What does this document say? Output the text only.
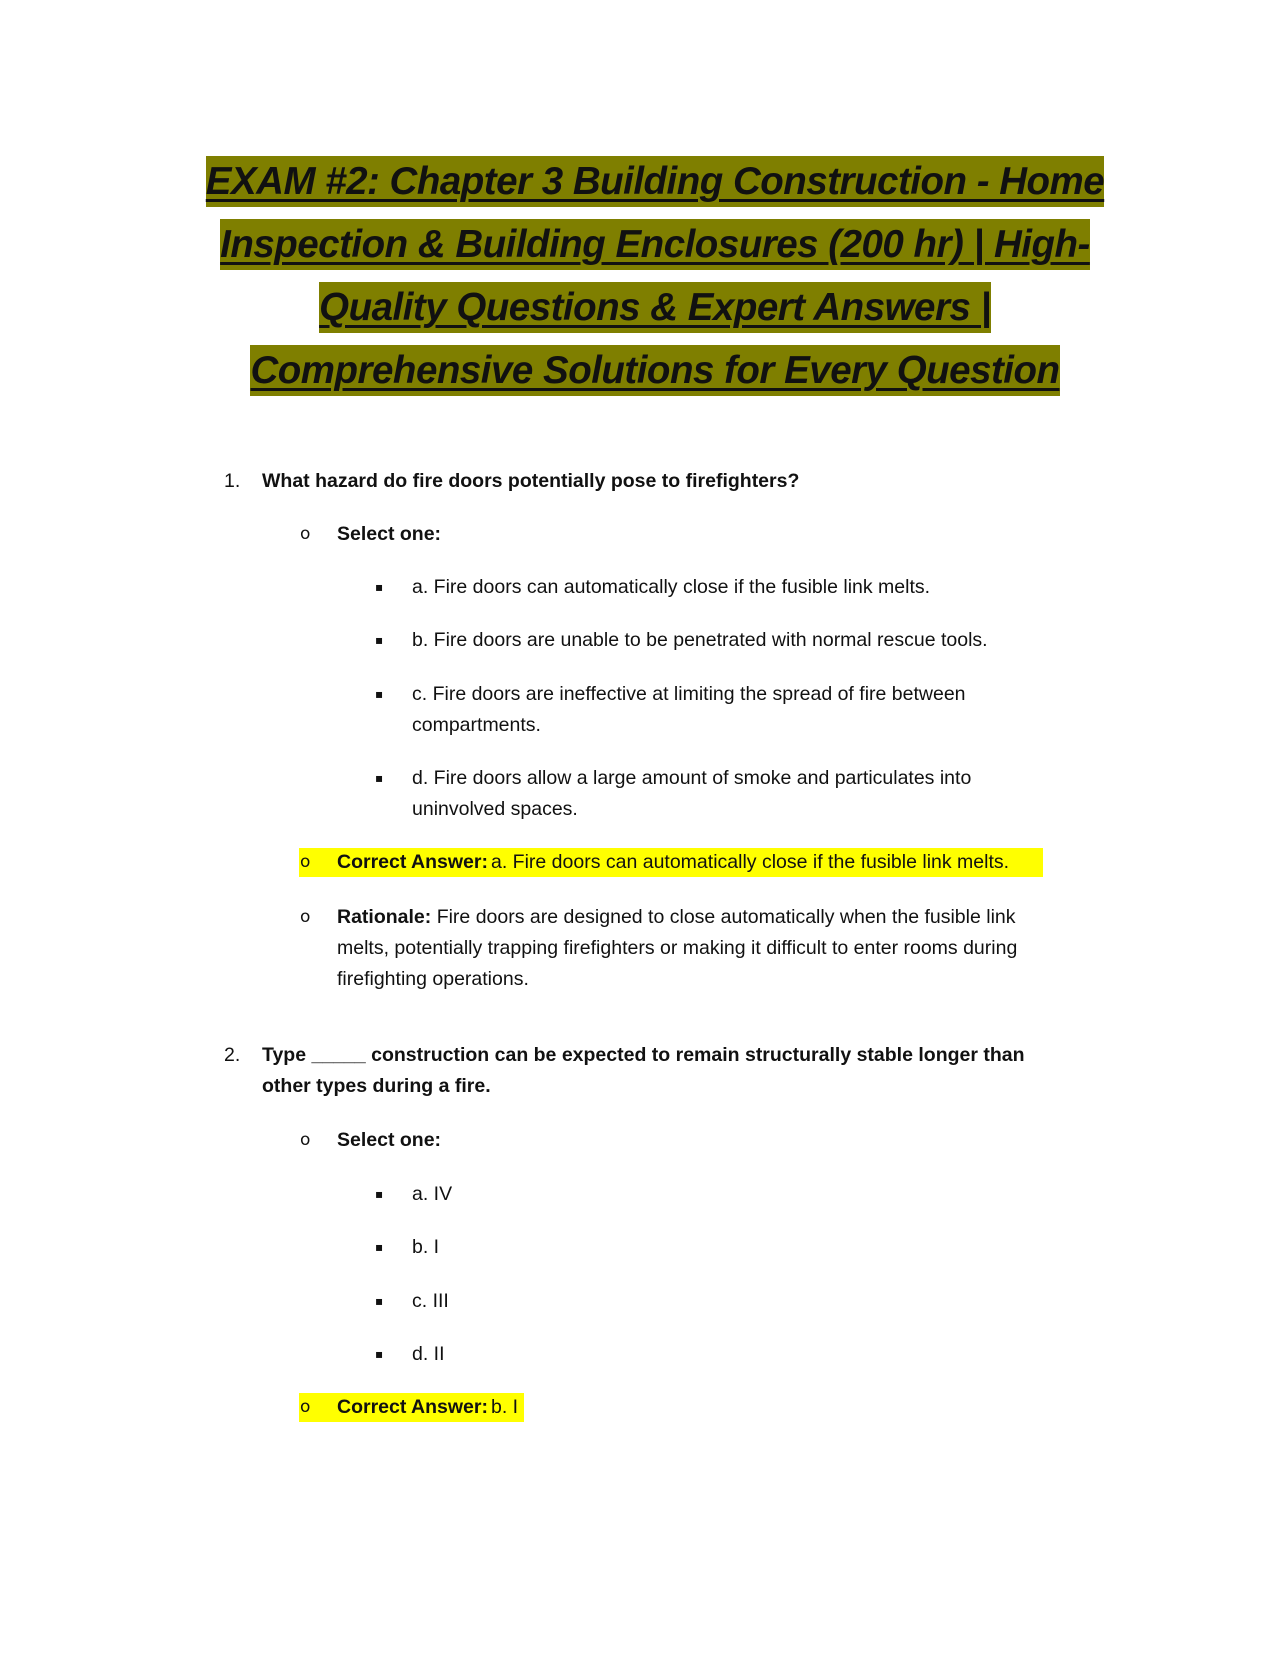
EXAM #2: Chapter 3 Building Construction - Home Inspection & Building Enclosures (200 hr) | High-Quality Questions & Expert Answers | Comprehensive Solutions for Every Question
1. What hazard do fire doors potentially pose to firefighters?
o Select one:
▪ a. Fire doors can automatically close if the fusible link melts.
▪ b. Fire doors are unable to be penetrated with normal rescue tools.
▪ c. Fire doors are ineffective at limiting the spread of fire between compartments.
▪ d. Fire doors allow a large amount of smoke and particulates into uninvolved spaces.
o Correct Answer: a. Fire doors can automatically close if the fusible link melts.
o Rationale: Fire doors are designed to close automatically when the fusible link melts, potentially trapping firefighters or making it difficult to enter rooms during firefighting operations.
2. Type _____ construction can be expected to remain structurally stable longer than other types during a fire.
o Select one:
▪ a. IV
▪ b. I
▪ c. III
▪ d. II
o Correct Answer: b. I
